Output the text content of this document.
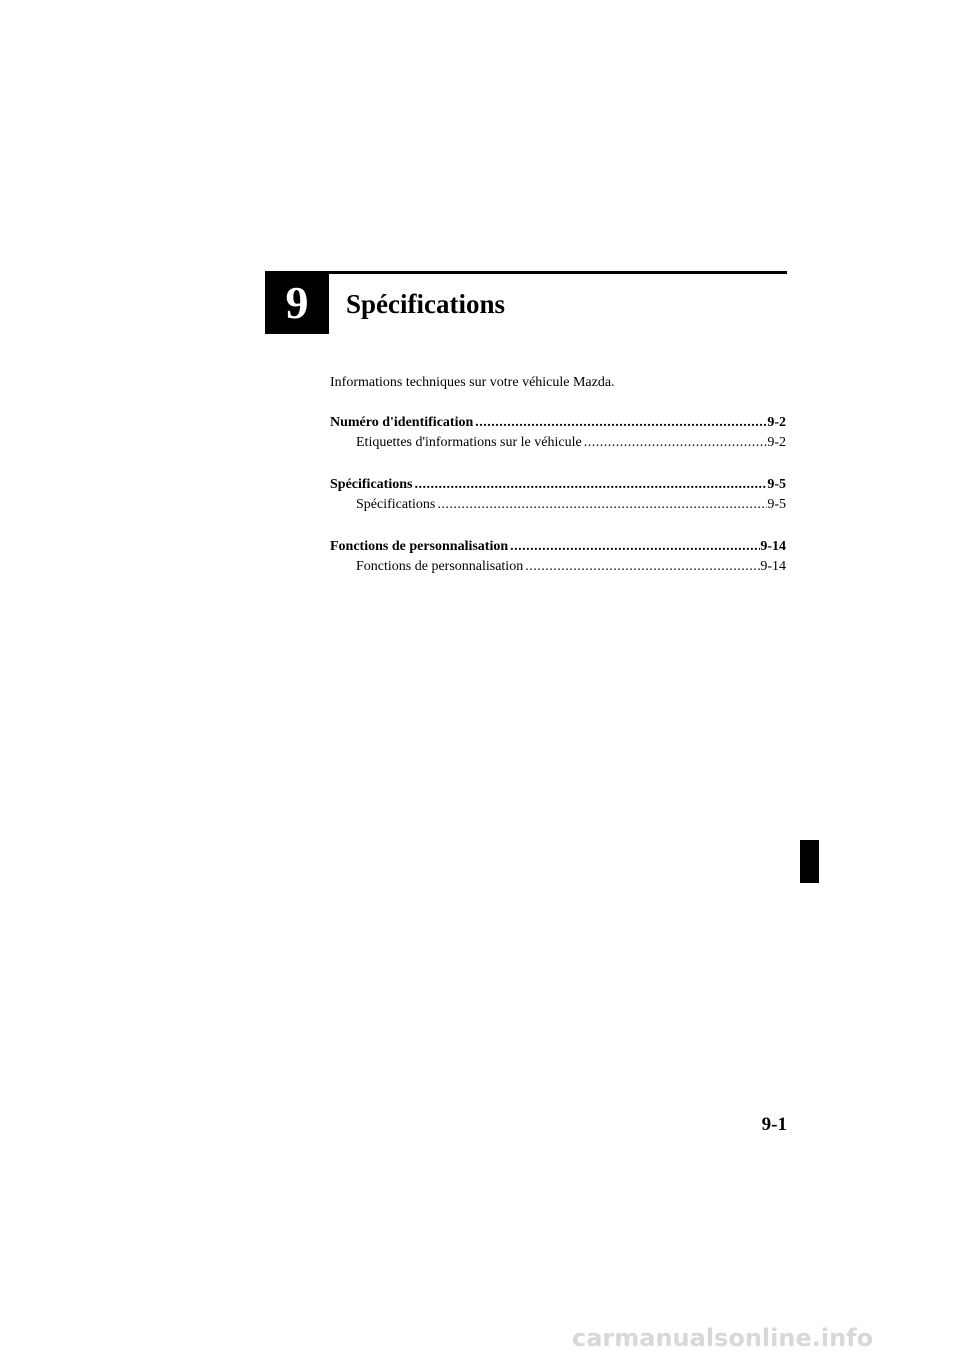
9	Spécifications
Informations techniques sur votre véhicule Mazda.
Numéro d'identification . . .	9-2
Etiquettes d'informations sur le véhicule . . .	9-2
Spécifications . . .	9-5
Spécifications . . .	9-5
Fonctions de personnalisation . . .	9-14
Fonctions de personnalisation . . .	9-14
9-1
carmanualsonline.info
